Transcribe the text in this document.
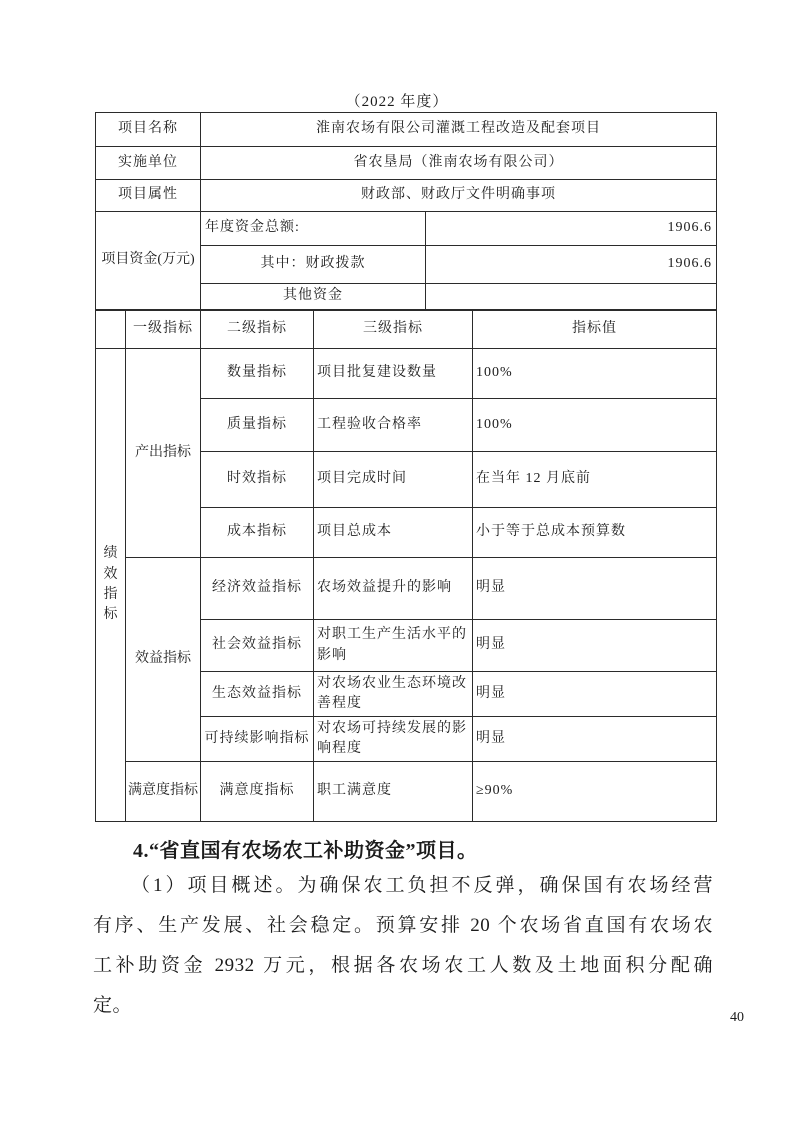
（2022 年度）
项目名称	淮南农场有限公司灌溉工程改造及配套项目	
实施单位	省农垦局（淮南农场有限公司）	
项目属性	财政部、财政厅文件明确事项	
项目资金(万元)	年度资金总额:	1906.6
	其中：财政拨款	1906.6
	其他资金	
	一级指标	二级指标	三级指标	指标值
绩效指标	产出指标	数量指标	项目批复建设数量	100%
		质量指标	工程验收合格率	100%
		时效指标	项目完成时间	在当年 12 月底前
		成本指标	项目总成本	小于等于总成本预算数
	效益指标	经济效益指标	农场效益提升的影响	明显
		社会效益指标	对职工生产生活水平的影响	明显
		生态效益指标	对农场农业生态环境改善程度	明显
		可持续影响指标	对农场可持续发展的影响程度	明显
	满意度指标	满意度指标	职工满意度	≥90%
4.“省直国有农场农工补助资金”项目。
（1）项目概述。为确保农工负担不反弹，确保国有农场经营
有序、生产发展、社会稳定。预算安排 20 个农场省直国有农场农
工补助资金 2932 万元，根据各农场农工人数及土地面积分配确
定。
40
